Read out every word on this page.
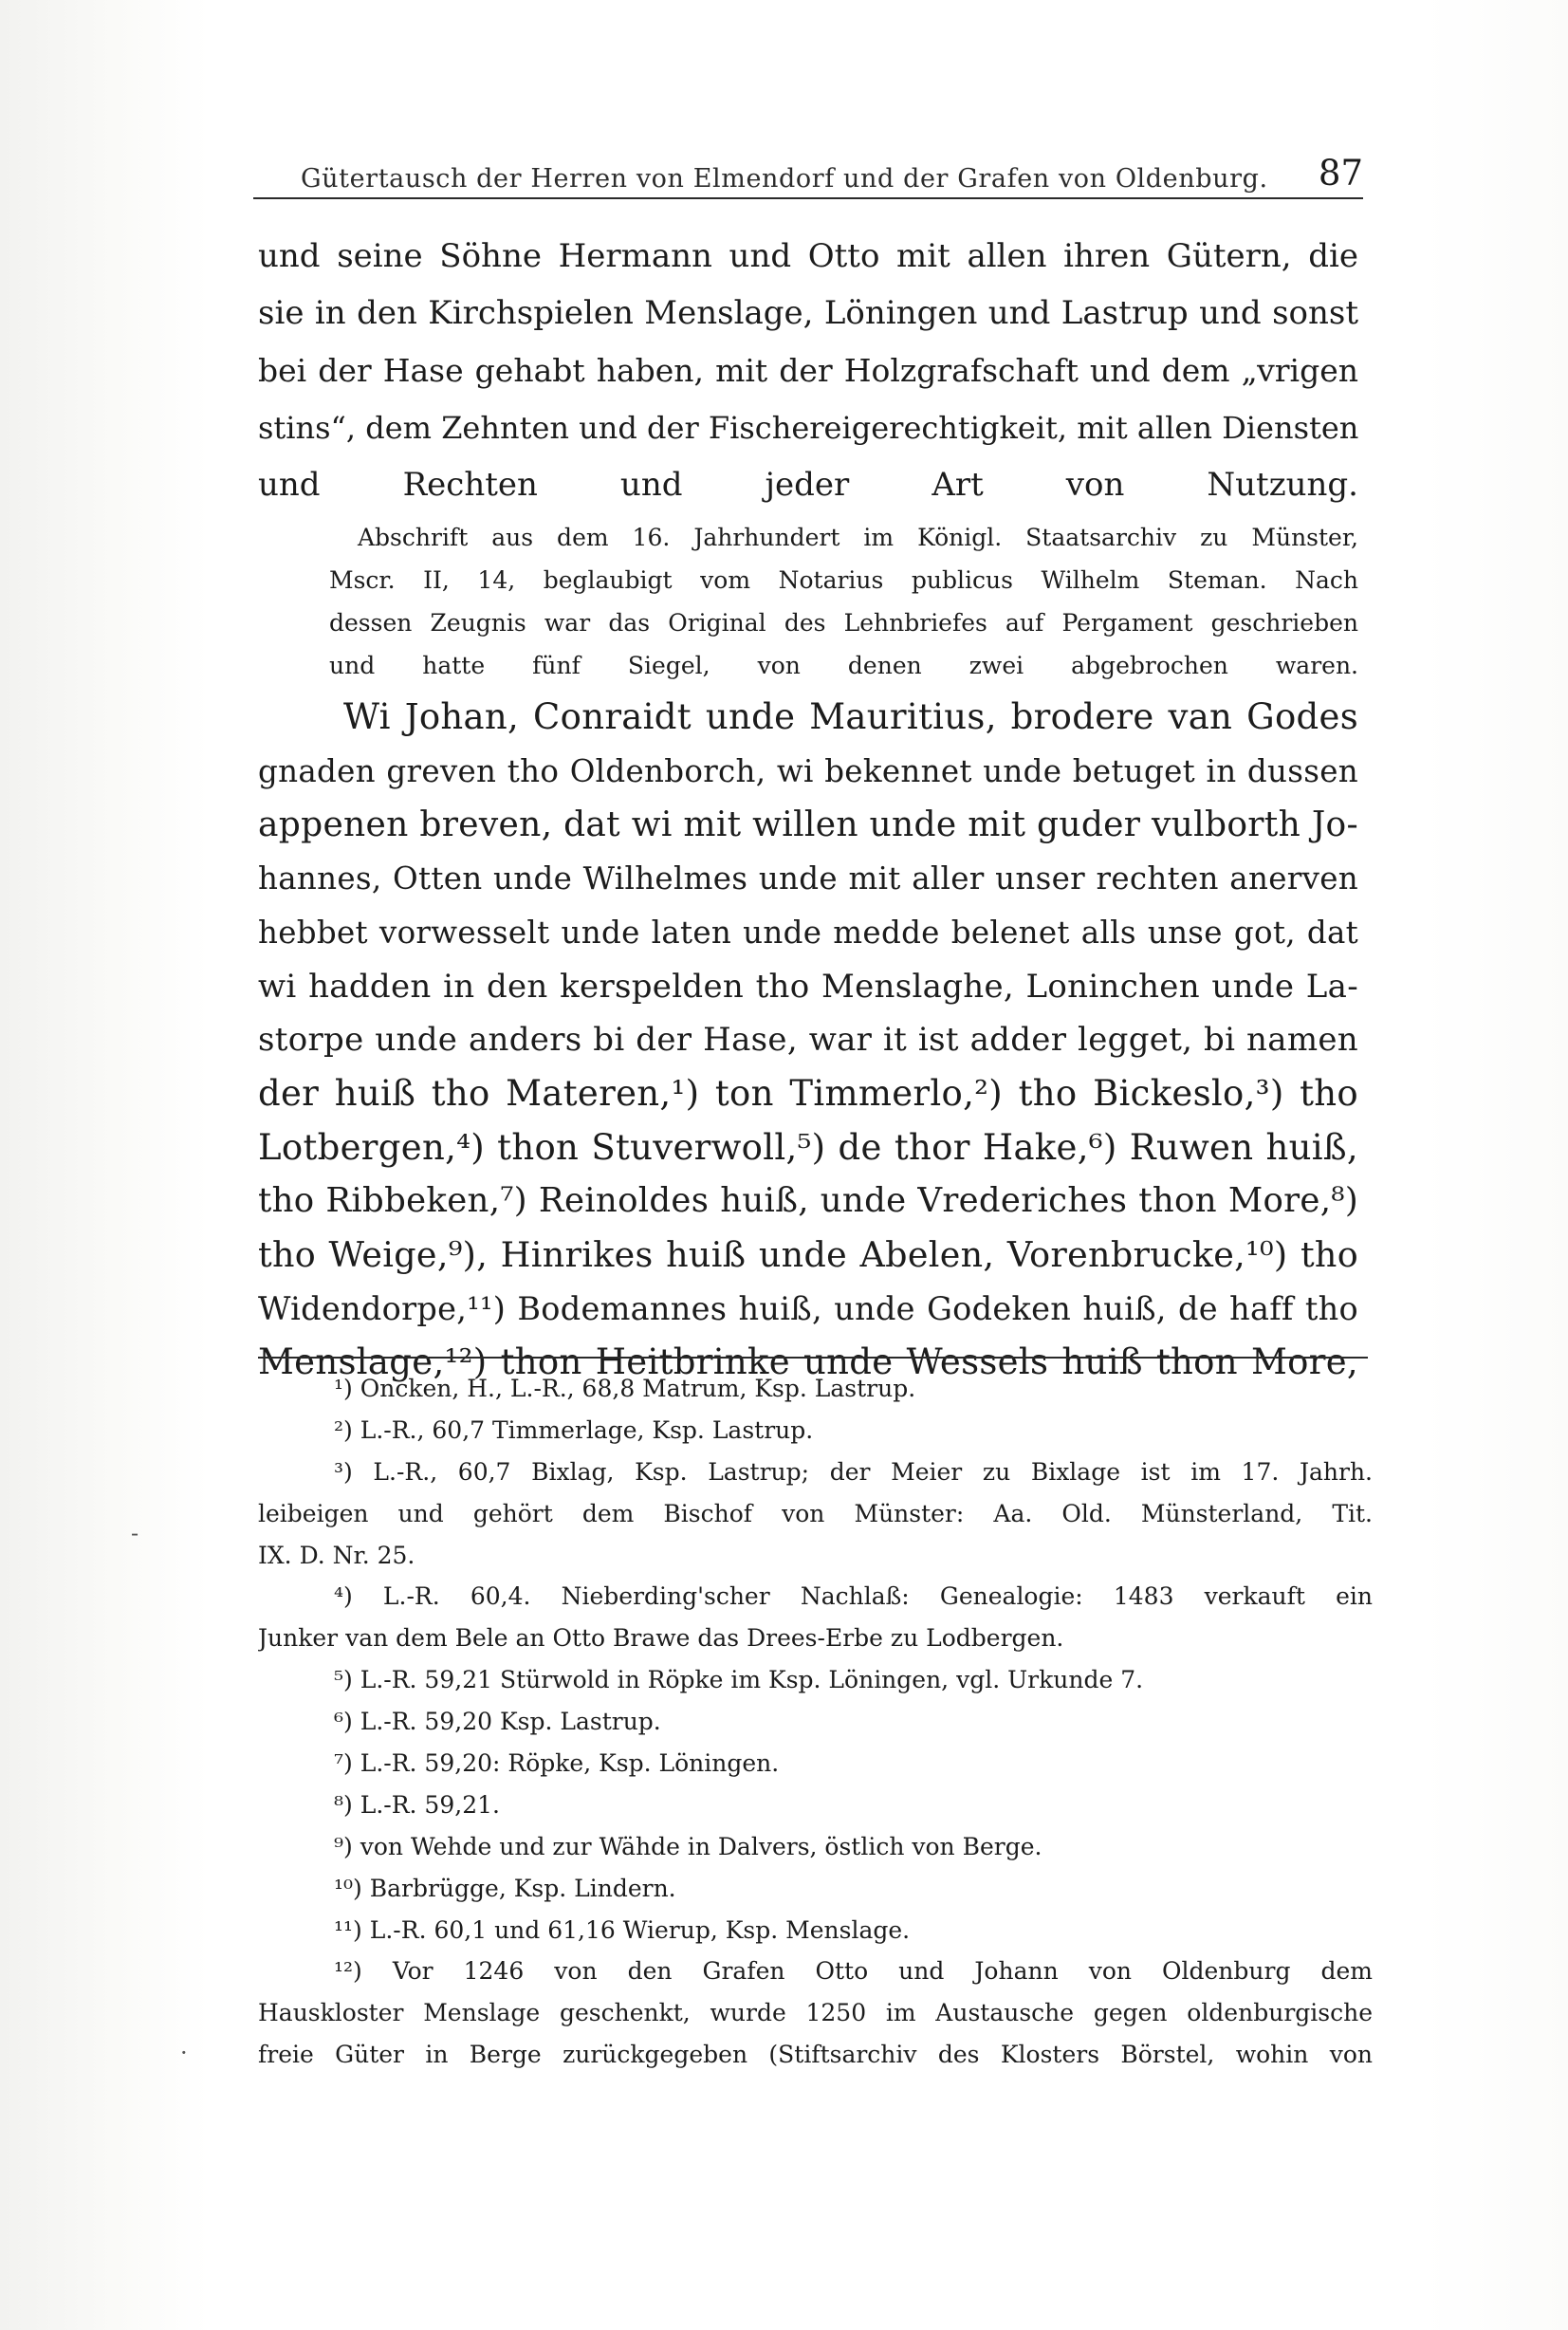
Gütertausch der Herren von Elmendorf und der Grafen von Oldenburg. 87
und seine Söhne Hermann und Otto mit allen ihren Gütern, die
sie in den Kirchspielen Menslage, Löningen und Lastrup und sonst
bei der Hase gehabt haben, mit der Holzgrafschaft und dem „vrigen
stins“, dem Zehnten und der Fischereigerechtigkeit, mit allen Diensten
und Rechten und jeder Art von Nutzung.
Abschrift aus dem 16. Jahrhundert im Königl. Staatsarchiv zu Münster,
Mscr. II, 14, beglaubigt vom Notarius publicus Wilhelm Steman. Nach
dessen Zeugnis war das Original des Lehnbriefes auf Pergament geschrieben
und hatte fünf Siegel, von denen zwei abgebrochen waren.
Wi Johan, Conraidt unde Mauritius, brodere van Godes
gnaden greven tho Oldenborch, wi bekennet unde betuget in dussen
appenen breven, dat wi mit willen unde mit guder vulborth Jo-
hannes, Otten unde Wilhelmes unde mit aller unser rechten anerven
hebbet vorwesselt unde laten unde medde belenet alls unse got, dat
wi hadden in den kerspelden tho Menslaghe, Loninchen unde La-
storpe unde anders bi der Hase, war it ist adder legget, bi namen
der huiß tho Materen,¹) ton Timmerlo,²) tho Bickeslo,³) tho
Lotbergen,⁴) thon Stuverwoll,⁵) de thor Hake,⁶) Ruwen huiß,
tho Ribbeken,⁷) Reinoldes huiß, unde Vrederiches thon More,⁸)
tho Weige,⁹), Hinrikes huiß unde Abelen, Vorenbrucke,¹⁰) tho
Widendorpe,¹¹) Bodemannes huiß, unde Godeken huiß, de haff tho
Menslage,¹²) thon Heitbrinke unde Wessels huiß thon More,
¹) Oncken, H., L.-R., 68,8 Matrum, Ksp. Lastrup.
²) L.-R., 60,7 Timmerlage, Ksp. Lastrup.
³) L.-R., 60,7 Bixlag, Ksp. Lastrup; der Meier zu Bixlage ist im 17. Jahrh.
leibeigen und gehört dem Bischof von Münster: Aa. Old. Münsterland, Tit.
IX. D. Nr. 25.
⁴) L.-R. 60,4. Nieberding'scher Nachlaß: Genealogie: 1483 verkauft ein
Junker van dem Bele an Otto Brawe das Drees-Erbe zu Lodbergen.
⁵) L.-R. 59,21 Stürwold in Röpke im Ksp. Löningen, vgl. Urkunde 7.
⁶) L.-R. 59,20 Ksp. Lastrup.
⁷) L.-R. 59,20: Röpke, Ksp. Löningen.
⁸) L.-R. 59,21.
⁹) von Wehde und zur Wähde in Dalvers, östlich von Berge.
¹⁰) Barbrügge, Ksp. Lindern.
¹¹) L.-R. 60,1 und 61,16 Wierup, Ksp. Menslage.
¹²) Vor 1246 von den Grafen Otto und Johann von Oldenburg dem
Hauskloster Menslage geschenkt, wurde 1250 im Austausche gegen oldenburgische
freie Güter in Berge zurückgegeben (Stiftsarchiv des Klosters Börstel, wohin von
-
·
